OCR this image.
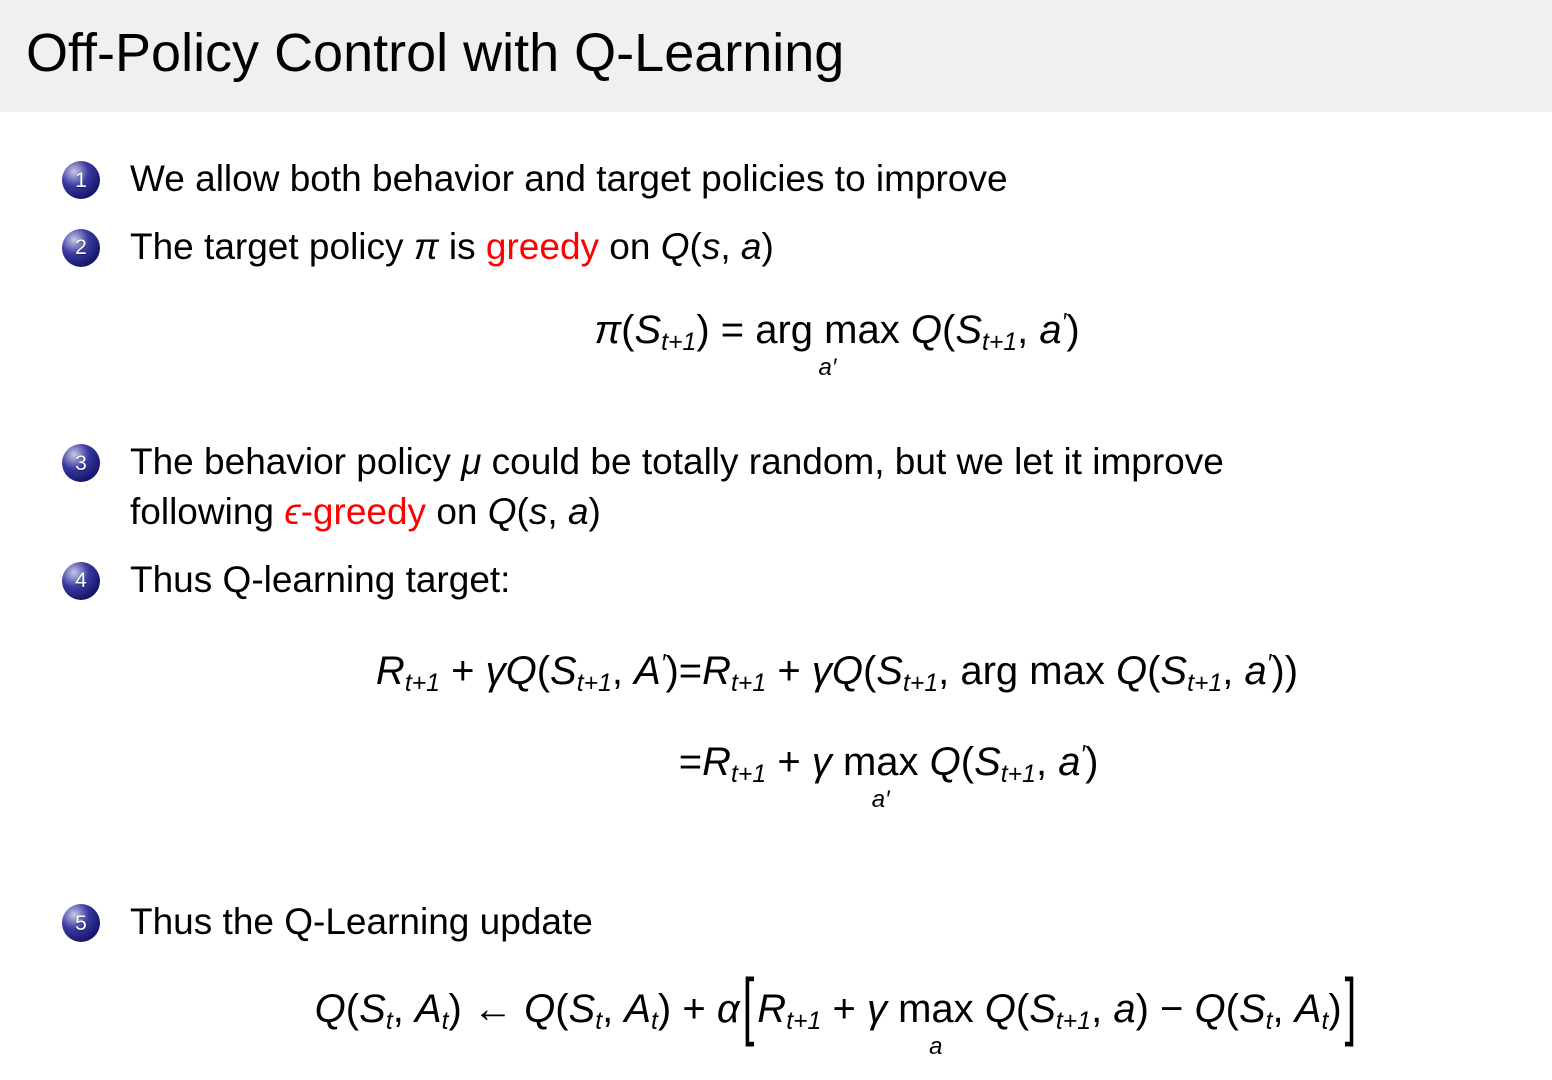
Off-Policy Control with Q-Learning
1 We allow both behavior and target policies to improve
2 The target policy π is greedy on Q(s, a)
$\pi(S_{t+1})$ = arg max
a′
$Q(S_{t+1}$, a′)
3 The behavior policy μ could be totally random, but we let it improve
following ϵ-greedy on Q(s, a)
4 Thus Q-learning target:
$R_{t+1} + \gamma Q(S_{t+1}$, $A') =R_{t+1} + \gamma Q(S_{t+1}$, arg $\max Q(S_{t+1}$, a′))
$=R_{t+1} + \gamma$ max
a′
$Q(S_{t+1}$, a′)
5 Thus the Q-Learning update
$Q(S_t$, $A_t$) ← $Q(S_t$, $A_t) + \alpha[R_{t+1} + \gamma$ max
a
$Q(S_{t+1}$, $a) - Q(S_t$, $A_t$)]
